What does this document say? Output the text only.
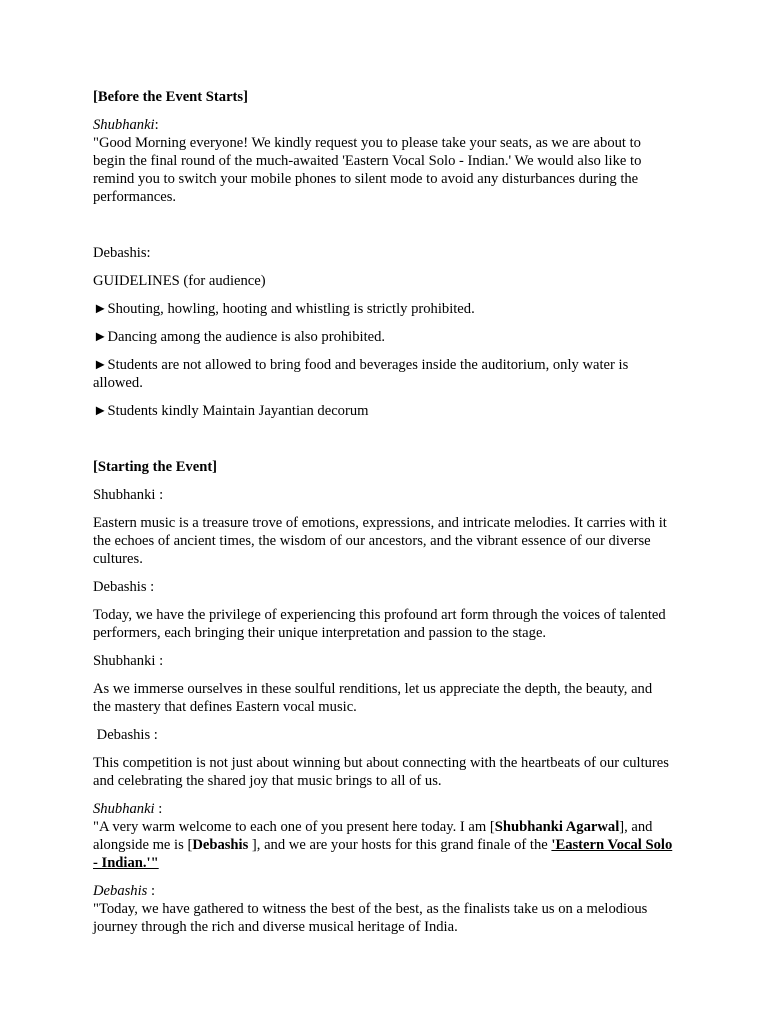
[Before the Event Starts]

Shubhanki:

"Good Morning everyone! We kindly request you to please take your seats, as we are about to begin the final round of the much-awaited 'Eastern Vocal Solo - Indian.' We would also like to remind you to switch your mobile phones to silent mode to avoid any disturbances during the performances.

Debashis:

GUIDELINES (for audience)

►Shouting, howling, hooting and whistling is strictly prohibited.

►Dancing among the audience is also prohibited.

►Students are not allowed to bring food and beverages inside the auditorium, only water is allowed.

►Students kindly Maintain Jayantian decorum

[Starting the Event]

Shubhanki :

Eastern music is a treasure trove of emotions, expressions, and intricate melodies. It carries with it the echoes of ancient times, the wisdom of our ancestors, and the vibrant essence of our diverse cultures.

Debashis :

Today, we have the privilege of experiencing this profound art form through the voices of talented performers, each bringing their unique interpretation and passion to the stage.

Shubhanki :

As we immerse ourselves in these soulful renditions, let us appreciate the depth, the beauty, and the mastery that defines Eastern vocal music.

Debashis :

This competition is not just about winning but about connecting with the heartbeats of our cultures and celebrating the shared joy that music brings to all of us.

Shubhanki :

"A very warm welcome to each one of you present here today. I am [Shubhanki Agarwal], and alongside me is [Debashis ], and we are your hosts for this grand finale of the 'Eastern Vocal Solo - Indian.'"

Debashis :

"Today, we have gathered to witness the best of the best, as the finalists take us on a melodious journey through the rich and diverse musical heritage of India.
